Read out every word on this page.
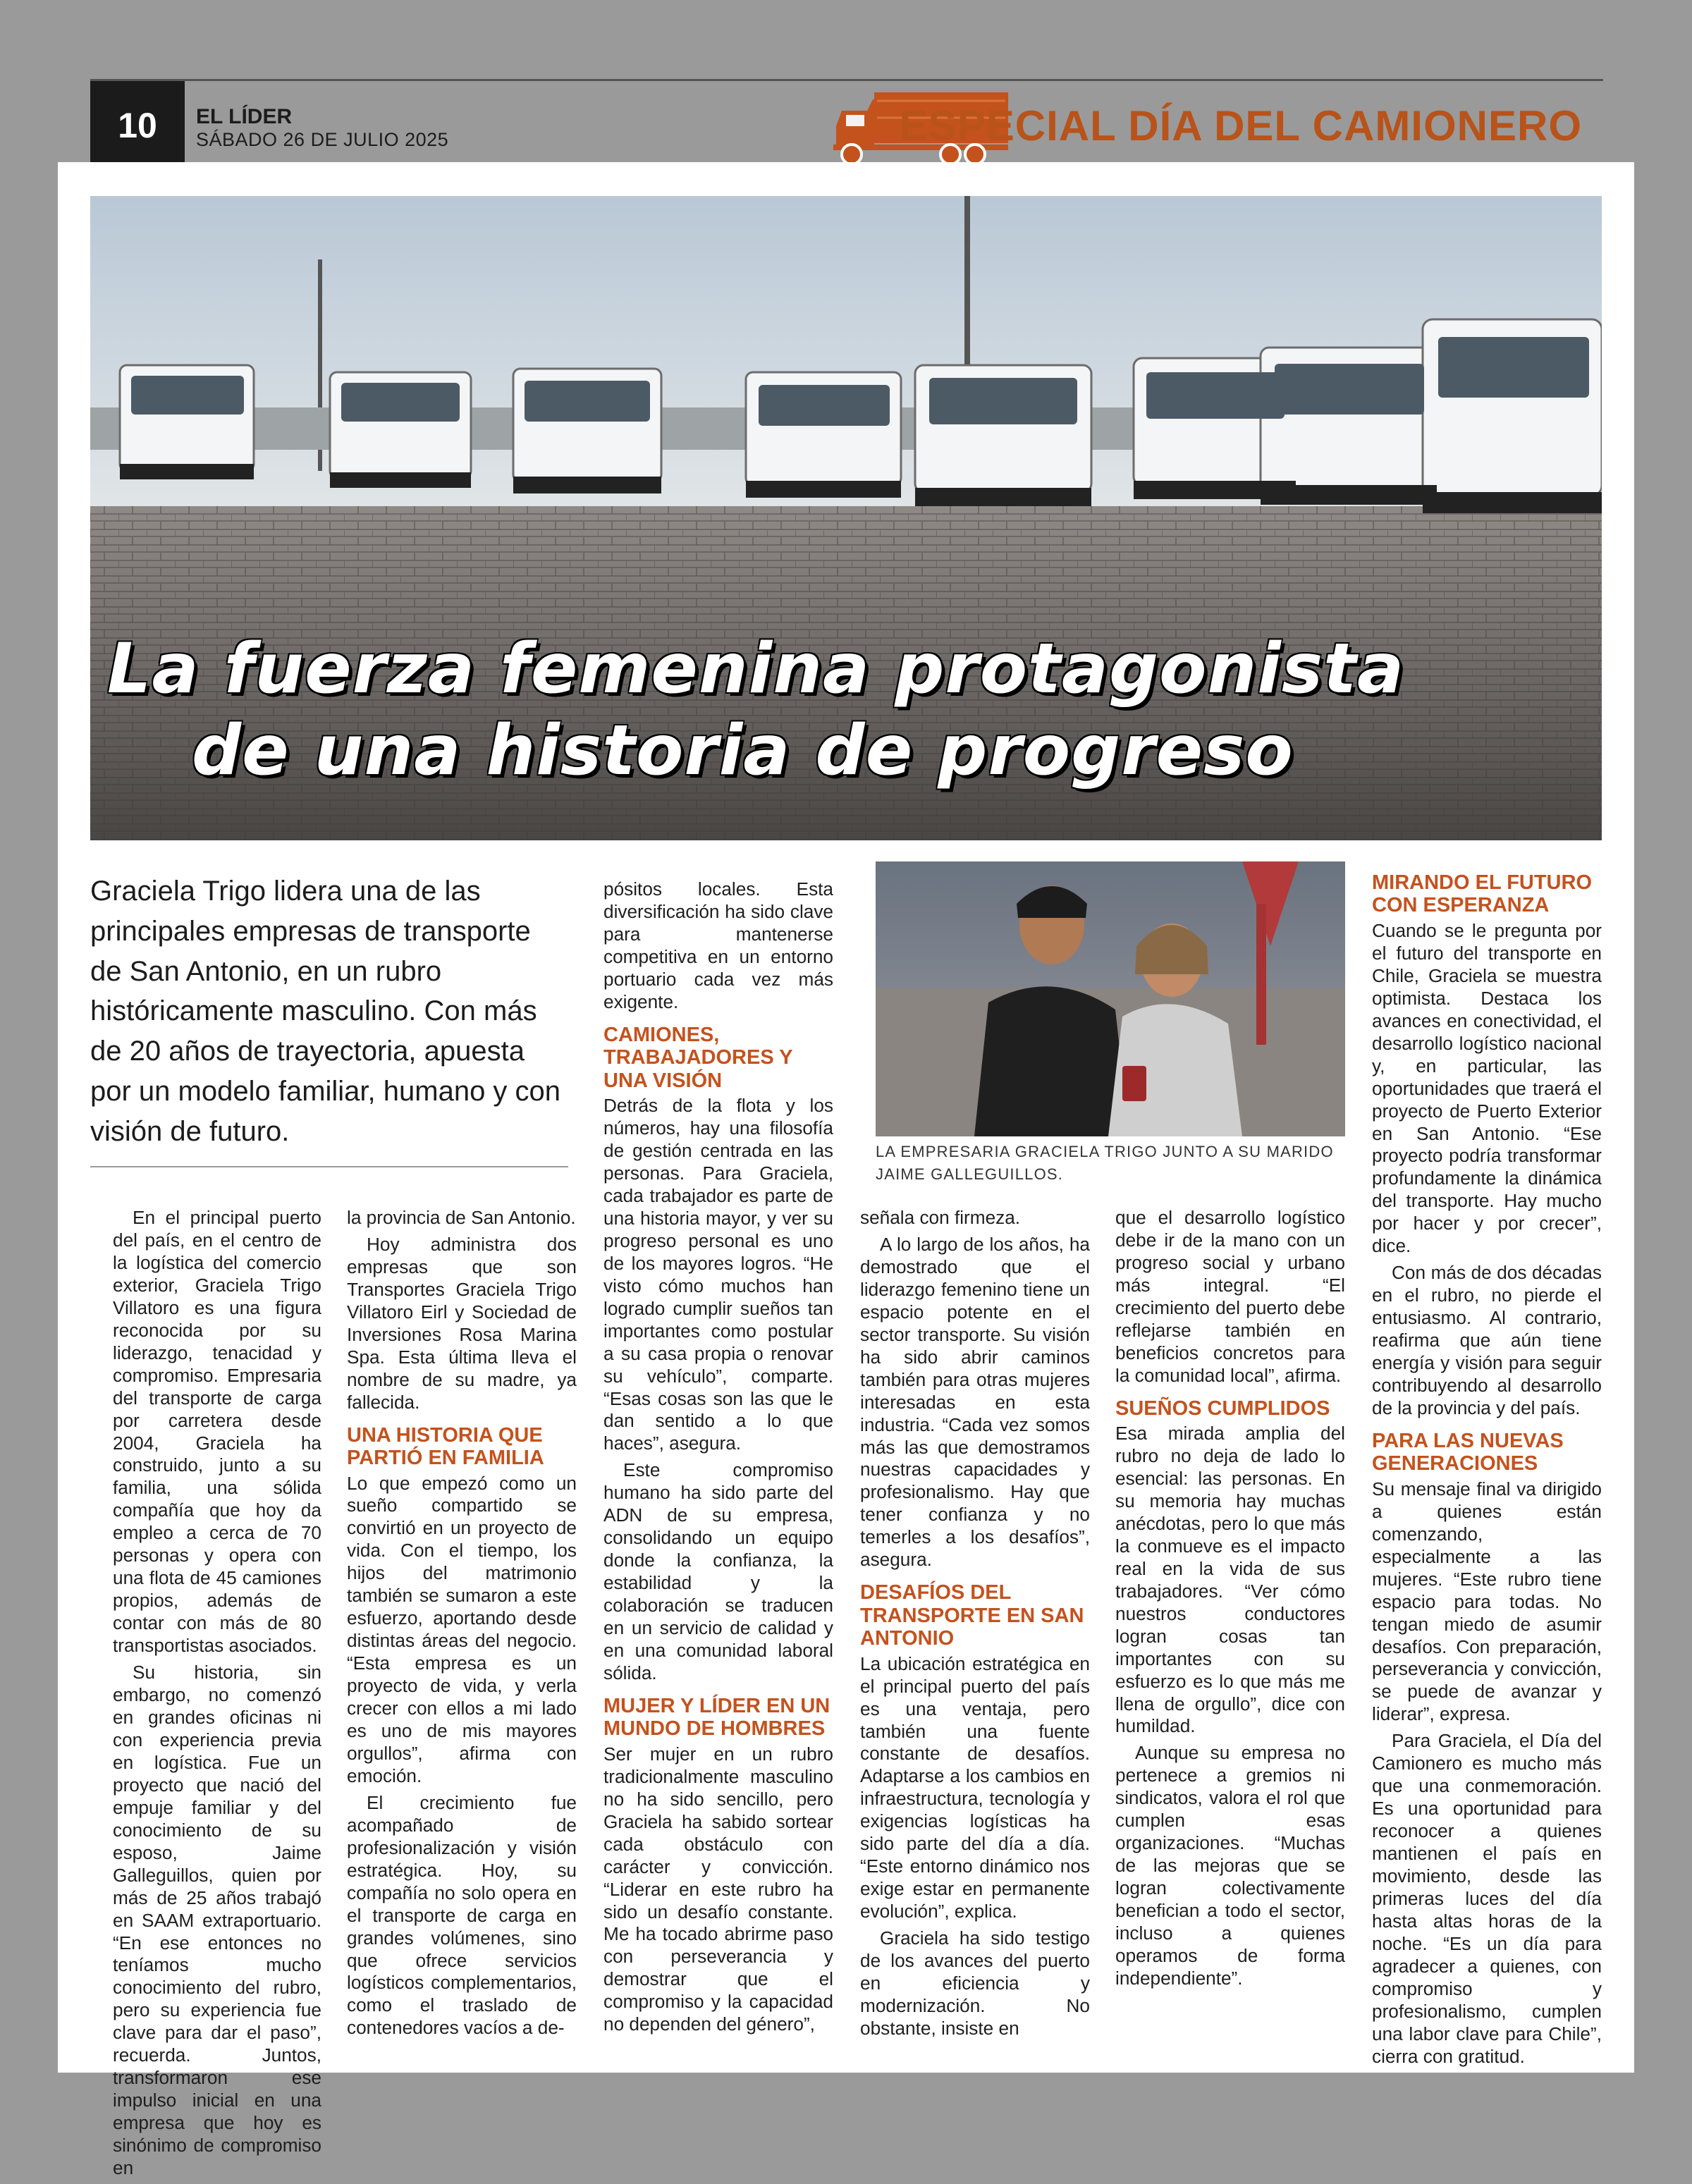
10	EL LÍDER
SÁBADO 26 DE JULIO 2025	ESPECIAL DÍA DEL CAMIONERO
La fuerza femenina protagonista
de una historia de progreso

Graciela Trigo lidera una de las principales empresas de transporte de San Antonio, en un rubro históricamente masculino. Con más de 20 años de trayectoria, apuesta por un modelo familiar, humano y con visión de futuro.

En el principal puerto del país, en el centro de la logística del comercio exterior, Graciela Trigo Villatoro es una figura reconocida por su liderazgo, tenacidad y compromiso. Empresaria del transporte de carga por carretera desde 2004, Graciela ha construido, junto a su familia, una sólida compañía que hoy da empleo a cerca de 70 personas y opera con una flota de 45 camiones propios, además de contar con más de 80 transportistas asociados.

Su historia, sin embargo, no comenzó en grandes oficinas ni con experiencia previa en logística. Fue un proyecto que nació del empuje familiar y del conocimiento de su esposo, Jaime Galleguillos, quien por más de 25 años trabajó en SAAM extraportuario. “En ese entonces no teníamos mucho conocimiento del rubro, pero su experiencia fue clave para dar el paso”, recuerda. Juntos, transformaron ese impulso inicial en una empresa que hoy es sinónimo de compromiso en

la provincia de San Antonio.

Hoy administra dos empresas que son Transportes Graciela Trigo Villatoro Eirl y Sociedad de Inversiones Rosa Marina Spa. Esta última lleva el nombre de su madre, ya fallecida.

UNA HISTORIA QUE PARTIÓ EN FAMILIA

Lo que empezó como un sueño compartido se convirtió en un proyecto de vida. Con el tiempo, los hijos del matrimonio también se sumaron a este esfuerzo, aportando desde distintas áreas del negocio. “Esta empresa es un proyecto de vida, y verla crecer con ellos a mi lado es uno de mis mayores orgullos”, afirma con emoción.

El crecimiento fue acompañado de profesionalización y visión estratégica. Hoy, su compañía no solo opera en el transporte de carga en grandes volúmenes, sino que ofrece servicios logísticos complementarios, como el traslado de contenedores vacíos a de-

pósitos locales. Esta diversificación ha sido clave para mantenerse competitiva en un entorno portuario cada vez más exigente.

CAMIONES, TRABAJADORES Y UNA VISIÓN

Detrás de la flota y los números, hay una filosofía de gestión centrada en las personas. Para Graciela, cada trabajador es parte de una historia mayor, y ver su progreso personal es uno de los mayores logros. “He visto cómo muchos han logrado cumplir sueños tan importantes como postular a su casa propia o renovar su vehículo”, comparte. “Esas cosas son las que le dan sentido a lo que haces”, asegura.

Este compromiso humano ha sido parte del ADN de su empresa, consolidando un equipo donde la confianza, la estabilidad y la colaboración se traducen en un servicio de calidad y en una comunidad laboral sólida.

MUJER Y LÍDER EN UN MUNDO DE HOMBRES

Ser mujer en un rubro tradicionalmente masculino no ha sido sencillo, pero Graciela ha sabido sortear cada obstáculo con carácter y convicción. “Liderar en este rubro ha sido un desafío constante. Me ha tocado abrirme paso con perseverancia y demostrar que el compromiso y la capacidad no dependen del género”,

LA EMPRESARIA GRACIELA TRIGO JUNTO A SU MARIDO JAIME GALLEGUILLOS.

señala con firmeza.

A lo largo de los años, ha demostrado que el liderazgo femenino tiene un espacio potente en el sector transporte. Su visión ha sido abrir caminos también para otras mujeres interesadas en esta industria. “Cada vez somos más las que demostramos nuestras capacidades y profesionalismo. Hay que tener confianza y no temerles a los desafíos”, asegura.

DESAFÍOS DEL TRANSPORTE EN SAN ANTONIO

La ubicación estratégica en el principal puerto del país es una ventaja, pero también una fuente constante de desafíos. Adaptarse a los cambios en infraestructura, tecnología y exigencias logísticas ha sido parte del día a día. “Este entorno dinámico nos exige estar en permanente evolución”, explica.

Graciela ha sido testigo de los avances del puerto en eficiencia y modernización. No obstante, insiste en

que el desarrollo logístico debe ir de la mano con un progreso social y urbano más integral. “El crecimiento del puerto debe reflejarse también en beneficios concretos para la comunidad local”, afirma.

SUEÑOS CUMPLIDOS

Esa mirada amplia del rubro no deja de lado lo esencial: las personas. En su memoria hay muchas anécdotas, pero lo que más la conmueve es el impacto real en la vida de sus trabajadores. “Ver cómo nuestros conductores logran cosas tan importantes con su esfuerzo es lo que más me llena de orgullo”, dice con humildad.

Aunque su empresa no pertenece a gremios ni sindicatos, valora el rol que cumplen esas organizaciones. “Muchas de las mejoras que se logran colectivamente benefician a todo el sector, incluso a quienes operamos de forma independiente”.

MIRANDO EL FUTURO CON ESPERANZA

Cuando se le pregunta por el futuro del transporte en Chile, Graciela se muestra optimista. Destaca los avances en conectividad, el desarrollo logístico nacional y, en particular, las oportunidades que traerá el proyecto de Puerto Exterior en San Antonio. “Ese proyecto podría transformar profundamente la dinámica del transporte. Hay mucho por hacer y por crecer”, dice.

Con más de dos décadas en el rubro, no pierde el entusiasmo. Al contrario, reafirma que aún tiene energía y visión para seguir contribuyendo al desarrollo de la provincia y del país.

PARA LAS NUEVAS GENERACIONES

Su mensaje final va dirigido a quienes están comenzando, especialmente a las mujeres. “Este rubro tiene espacio para todas. No tengan miedo de asumir desafíos. Con preparación, perseverancia y convicción, se puede de avanzar y liderar”, expresa.

Para Graciela, el Día del Camionero es mucho más que una conmemoración. Es una oportunidad para reconocer a quienes mantienen el país en movimiento, desde las primeras luces del día hasta altas horas de la noche. “Es un día para agradecer a quienes, con compromiso y profesionalismo, cumplen una labor clave para Chile”, cierra con gratitud.
